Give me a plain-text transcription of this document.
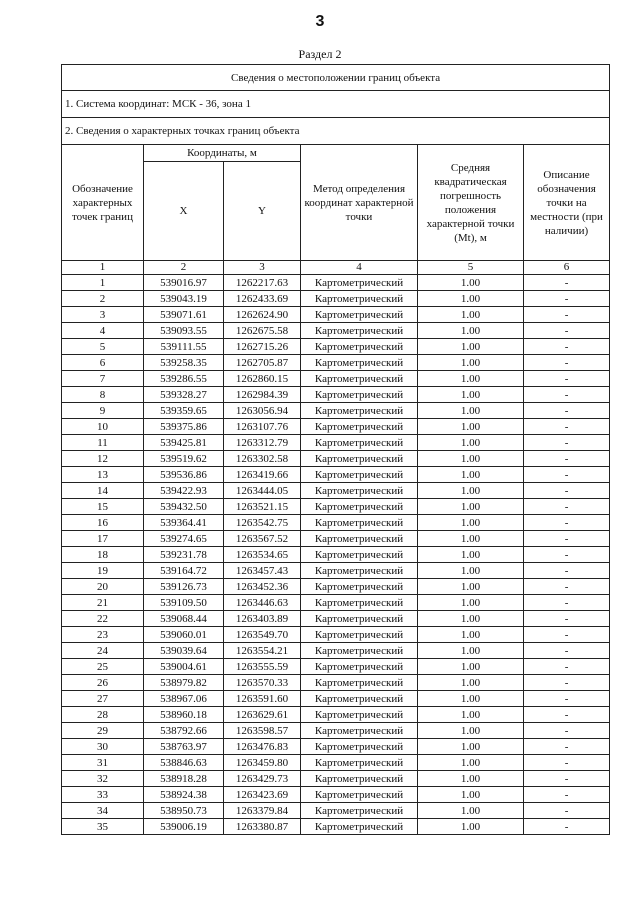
3
Раздел 2
Сведения о местоположении границ объекта					
1. Система координат: МСК - 36, зона 1					
2. Сведения о характерных точках границ объекта					
Обозначение характерных точек границ	Координаты, м		Метод определения координат характерной точки	Средняя квадратическая погрешность положения характерной точки (Mt), м	Описание обозначения точки на местности (при наличии)
	X	Y			
1	2	3	4	5	6
1	539016.97	1262217.63	Картометрический	1.00	-
2	539043.19	1262433.69	Картометрический	1.00	-
3	539071.61	1262624.90	Картометрический	1.00	-
4	539093.55	1262675.58	Картометрический	1.00	-
5	539111.55	1262715.26	Картометрический	1.00	-
6	539258.35	1262705.87	Картометрический	1.00	-
7	539286.55	1262860.15	Картометрический	1.00	-
8	539328.27	1262984.39	Картометрический	1.00	-
9	539359.65	1263056.94	Картометрический	1.00	-
10	539375.86	1263107.76	Картометрический	1.00	-
11	539425.81	1263312.79	Картометрический	1.00	-
12	539519.62	1263302.58	Картометрический	1.00	-
13	539536.86	1263419.66	Картометрический	1.00	-
14	539422.93	1263444.05	Картометрический	1.00	-
15	539432.50	1263521.15	Картометрический	1.00	-
16	539364.41	1263542.75	Картометрический	1.00	-
17	539274.65	1263567.52	Картометрический	1.00	-
18	539231.78	1263534.65	Картометрический	1.00	-
19	539164.72	1263457.43	Картометрический	1.00	-
20	539126.73	1263452.36	Картометрический	1.00	-
21	539109.50	1263446.63	Картометрический	1.00	-
22	539068.44	1263403.89	Картометрический	1.00	-
23	539060.01	1263549.70	Картометрический	1.00	-
24	539039.64	1263554.21	Картометрический	1.00	-
25	539004.61	1263555.59	Картометрический	1.00	-
26	538979.82	1263570.33	Картометрический	1.00	-
27	538967.06	1263591.60	Картометрический	1.00	-
28	538960.18	1263629.61	Картометрический	1.00	-
29	538792.66	1263598.57	Картометрический	1.00	-
30	538763.97	1263476.83	Картометрический	1.00	-
31	538846.63	1263459.80	Картометрический	1.00	-
32	538918.28	1263429.73	Картометрический	1.00	-
33	538924.38	1263423.69	Картометрический	1.00	-
34	538950.73	1263379.84	Картометрический	1.00	-
35	539006.19	1263380.87	Картометрический	1.00	-
